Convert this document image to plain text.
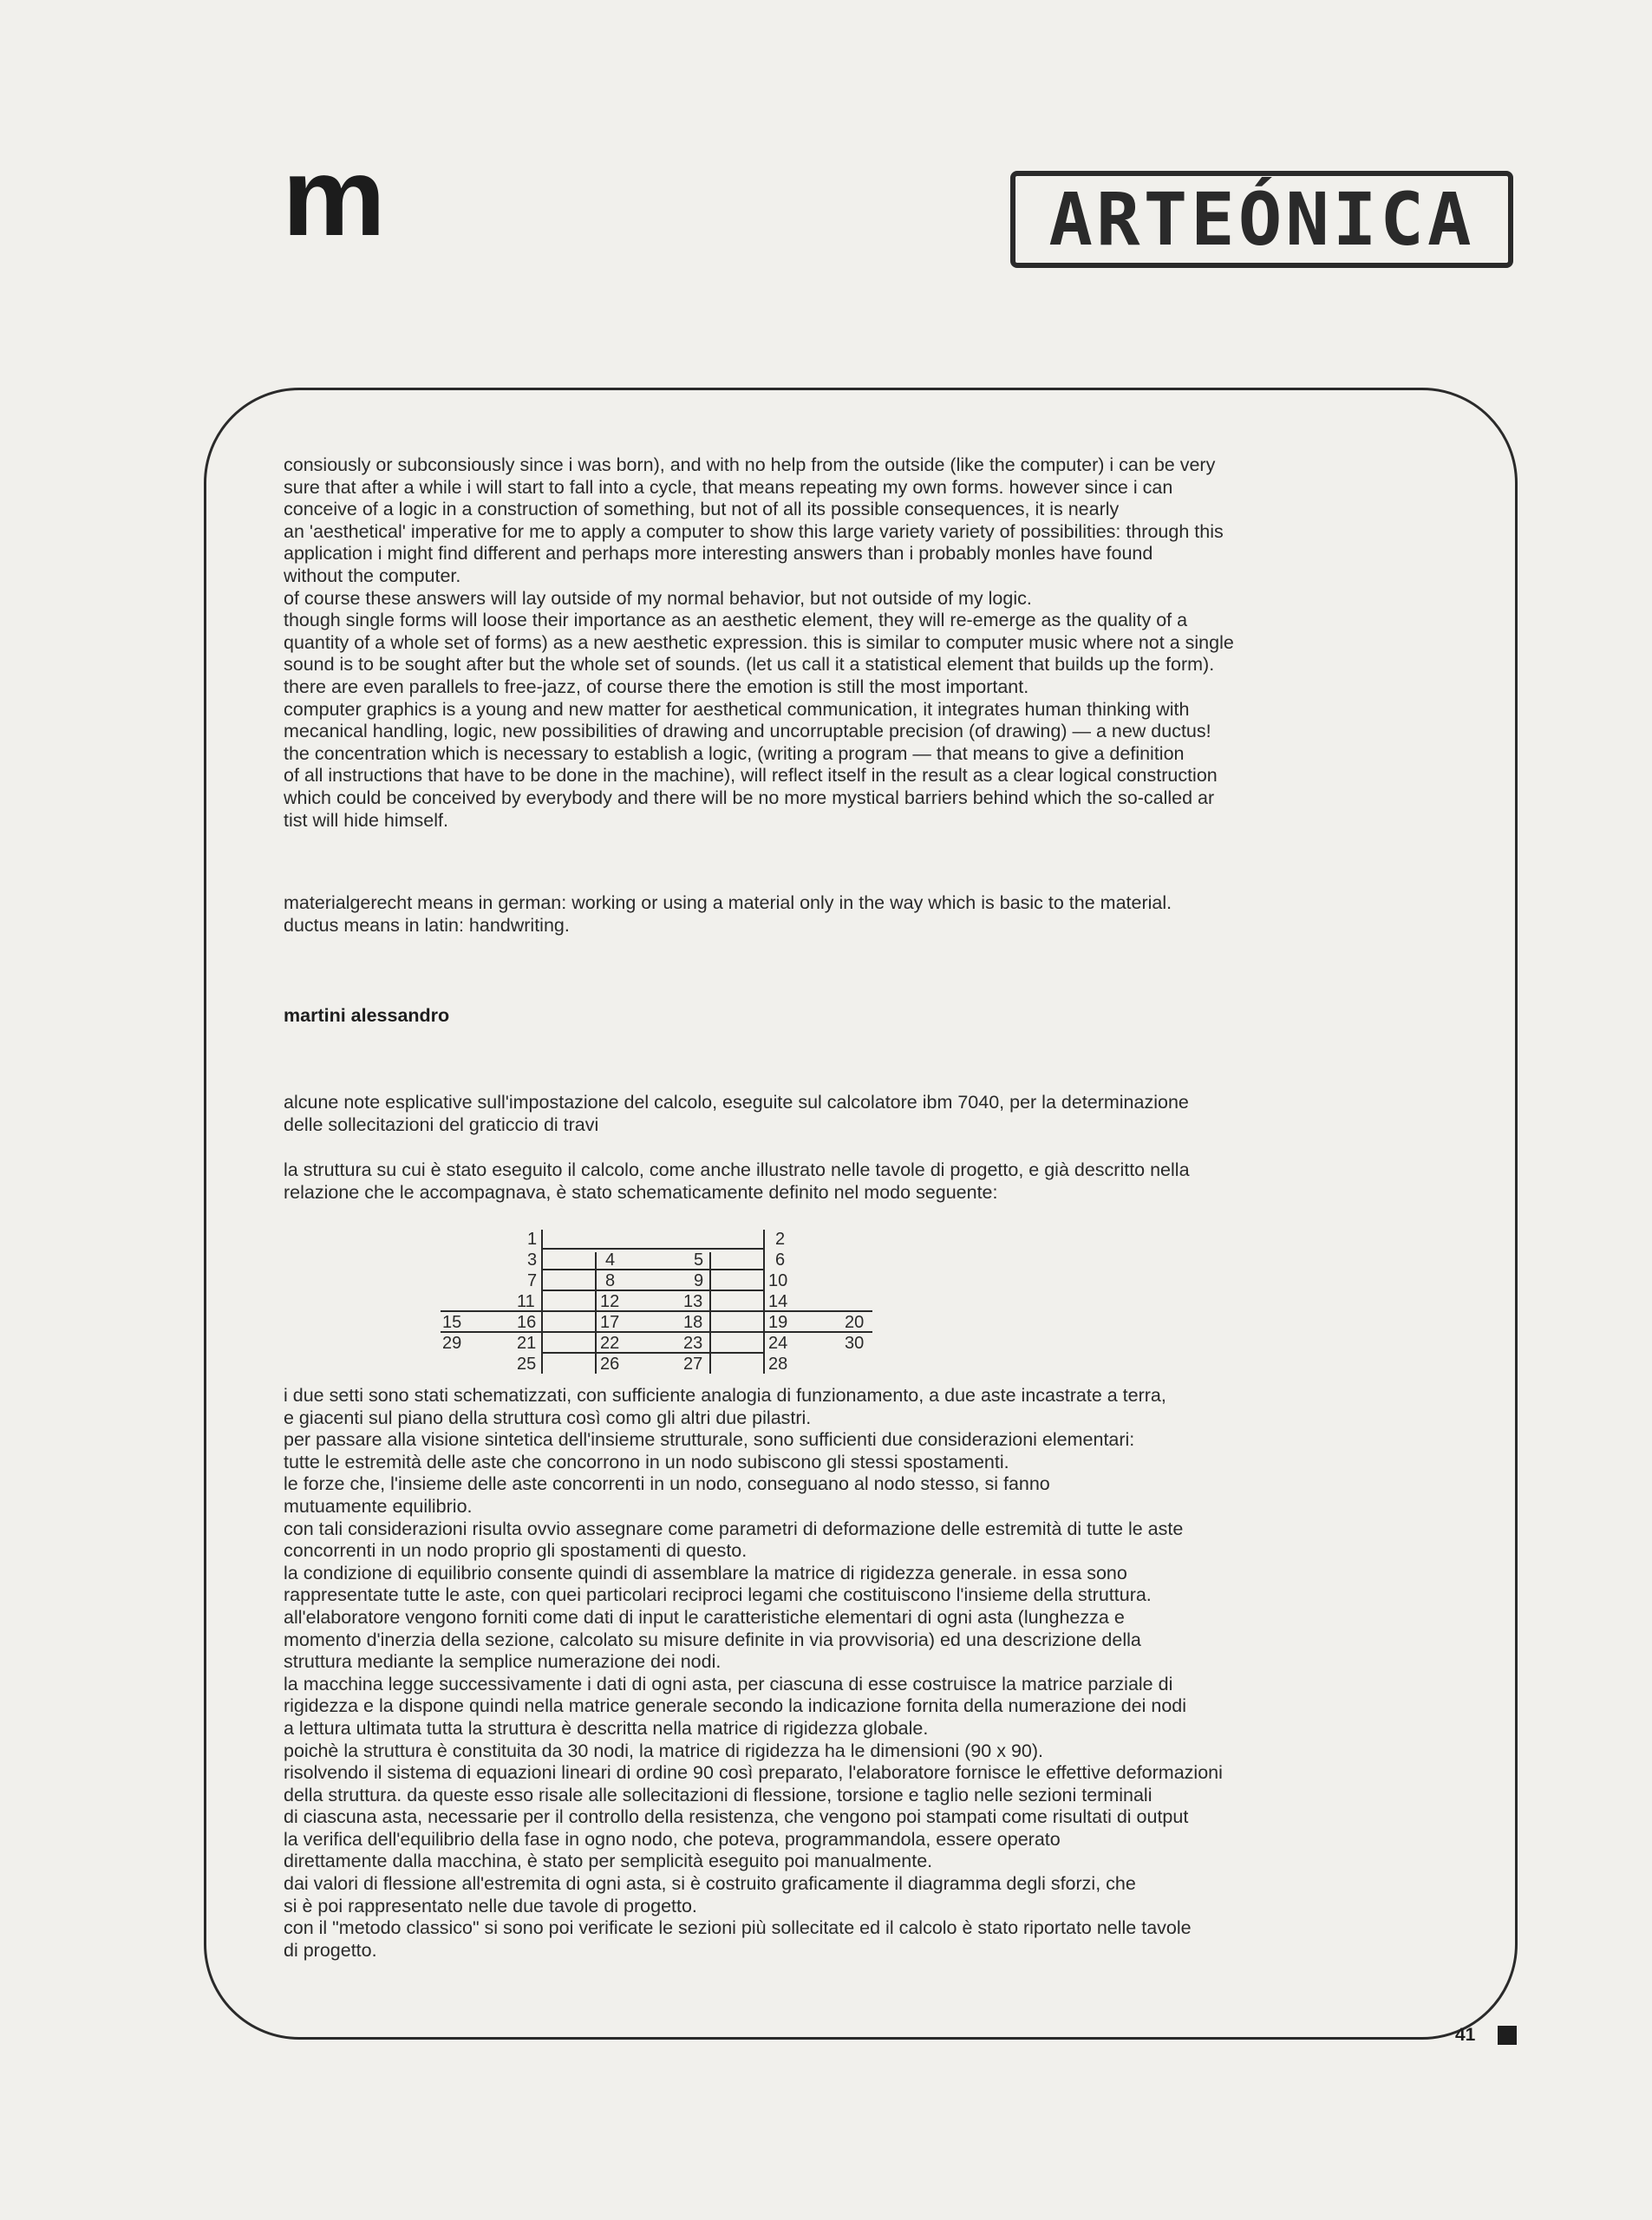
m	ARTEÓNICA
consiously or subconsiously since i was born), and with no help from the outside (like the computer) i can be very
sure that after a while i will start to fall into a cycle, that means repeating my own forms. however since i can
conceive of a logic in a construction of something, but not of all its possible consequences, it is nearly
an 'aesthetical' imperative for me to apply a computer to show this large variety variety of possibilities: through this
application i might find different and perhaps more interesting answers than i probably monles have found
without the computer.
of course these answers will lay outside of my normal behavior, but not outside of my logic.
though single forms will loose their importance as an aesthetic element, they will re-emerge as the quality of a
quantity of a whole set of forms) as a new aesthetic expression. this is similar to computer music where not a single
sound is to be sought after but the whole set of sounds. (let us call it a statistical element that builds up the form).
there are even parallels to free-jazz, of course there the emotion is still the most important.
computer graphics is a young and new matter for aesthetical communication, it integrates human thinking with
mecanical handling, logic, new possibilities of drawing and uncorruptable precision (of drawing) — a new ductus!
the concentration which is necessary to establish a logic, (writing a program — that means to give a definition
of all instructions that have to be done in the machine), will reflect itself in the result as a clear logical construction
which could be conceived by everybody and there will be no more mystical barriers behind which the so-called ar
tist will hide himself.
materialgerecht means in german: working or using a material only in the way which is basic to the material.
ductus means in latin: handwriting.
martini alessandro
alcune note esplicative sull'impostazione del calcolo, eseguite sul calcolatore ibm 7040, per la determinazione
delle sollecitazioni del graticcio di travi
la struttura su cui è stato eseguito il calcolo, come anche illustrato nelle tavole di progetto, e già descritto nella
relazione che le accompagnava, è stato schematicamente definito nel modo seguente:
1	2
3	4	5	6
7	8	9	10
11	12	13	14
15	16	17	18	19	20
29	21	22	23	24	30
25	26	27	28
i due setti sono stati schematizzati, con sufficiente analogia di funzionamento, a due aste incastrate a terra,
e giacenti sul piano della struttura così como gli altri due pilastri.
per passare alla visione sintetica dell'insieme strutturale, sono sufficienti due considerazioni elementari:
tutte le estremità delle aste che concorrono in un nodo subiscono gli stessi spostamenti.
le forze che, l'insieme delle aste concorrenti in un nodo, conseguano al nodo stesso, si fanno
mutuamente equilibrio.
con tali considerazioni risulta ovvio assegnare come parametri di deformazione delle estremità di tutte le aste
concorrenti in un nodo proprio gli spostamenti di questo.
la condizione di equilibrio consente quindi di assemblare la matrice di rigidezza generale. in essa sono
rappresentate tutte le aste, con quei particolari reciproci legami che costituiscono l'insieme della struttura.
all'elaboratore vengono forniti come dati di input le caratteristiche elementari di ogni asta (lunghezza e
momento d'inerzia della sezione, calcolato su misure definite in via provvisoria) ed una descrizione della
struttura mediante la semplice numerazione dei nodi.
la macchina legge successivamente i dati di ogni asta, per ciascuna di esse costruisce la matrice parziale di
rigidezza e la dispone quindi nella matrice generale secondo la indicazione fornita della numerazione dei nodi
a lettura ultimata tutta la struttura è descritta nella matrice di rigidezza globale.
poichè la struttura è constituita da 30 nodi, la matrice di rigidezza ha le dimensioni (90 x 90).
risolvendo il sistema di equazioni lineari di ordine 90 così preparato, l'elaboratore fornisce le effettive deformazioni
della struttura. da queste esso risale alle sollecitazioni di flessione, torsione e taglio nelle sezioni terminali
di ciascuna asta, necessarie per il controllo della resistenza, che vengono poi stampati come risultati di output
la verifica dell'equilibrio della fase in ogno nodo, che poteva, programmandola, essere operato
direttamente dalla macchina, è stato per semplicità eseguito poi manualmente.
dai valori di flessione all'estremita di ogni asta, si è costruito graficamente il diagramma degli sforzi, che
si è poi rappresentato nelle due tavole di progetto.
con il "metodo classico" si sono poi verificate le sezioni più sollecitate ed il calcolo è stato riportato nelle tavole
di progetto.
41
